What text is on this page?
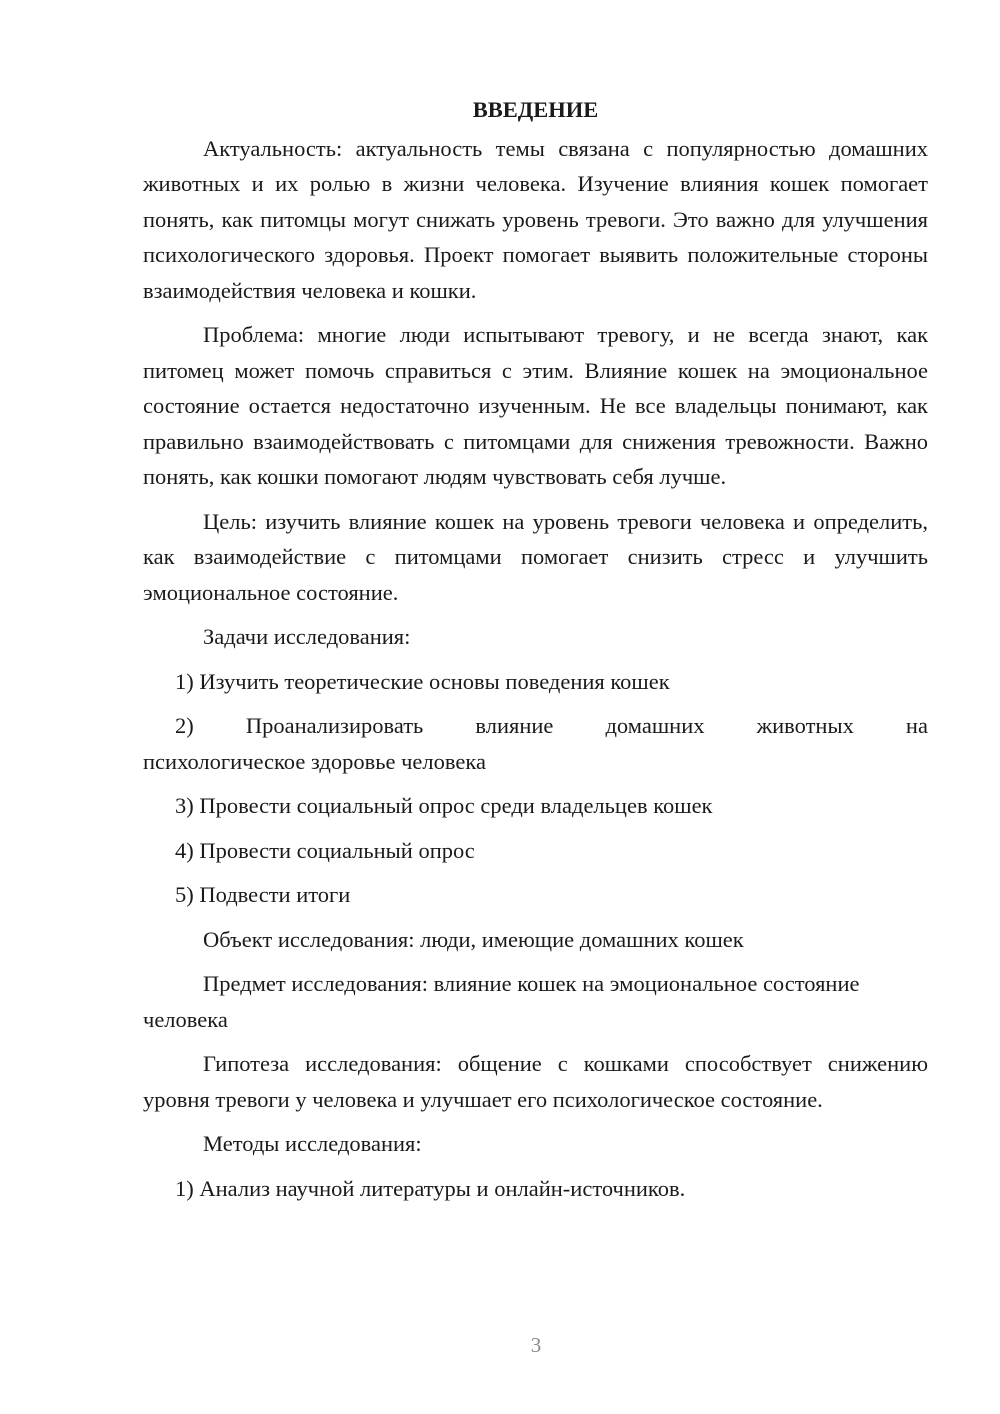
ВВЕДЕНИЕ

Актуальность: актуальность темы связана с популярностью домашних животных и их ролью в жизни человека. Изучение влияния кошек помогает понять, как питомцы могут снижать уровень тревоги. Это важно для улучшения психологического здоровья. Проект помогает выявить положительные стороны взаимодействия человека и кошки.

Проблема: многие люди испытывают тревогу, и не всегда знают, как питомец может помочь справиться с этим. Влияние кошек на эмоциональное состояние остается недостаточно изученным. Не все владельцы понимают, как правильно взаимодействовать с питомцами для снижения тревожности. Важно понять, как кошки помогают людям чувствовать себя лучше.

Цель: изучить влияние кошек на уровень тревоги человека и определить, как взаимодействие с питомцами помогает снизить стресс и улучшить эмоциональное состояние.

Задачи исследования:

1) Изучить теоретические основы поведения кошек

2) Проанализировать влияние домашних животных на
психологическое здоровье человека

3) Провести социальный опрос среди владельцев кошек

4) Провести социальный опрос

5) Подвести итоги

Объект исследования: люди, имеющие домашних кошек

Предмет исследования: влияние кошек на эмоциональное состояние человека

Гипотеза исследования: общение с кошками способствует снижению уровня тревоги у человека и улучшает его психологическое состояние.

Методы исследования:

1) Анализ научной литературы и онлайн-источников.

3
